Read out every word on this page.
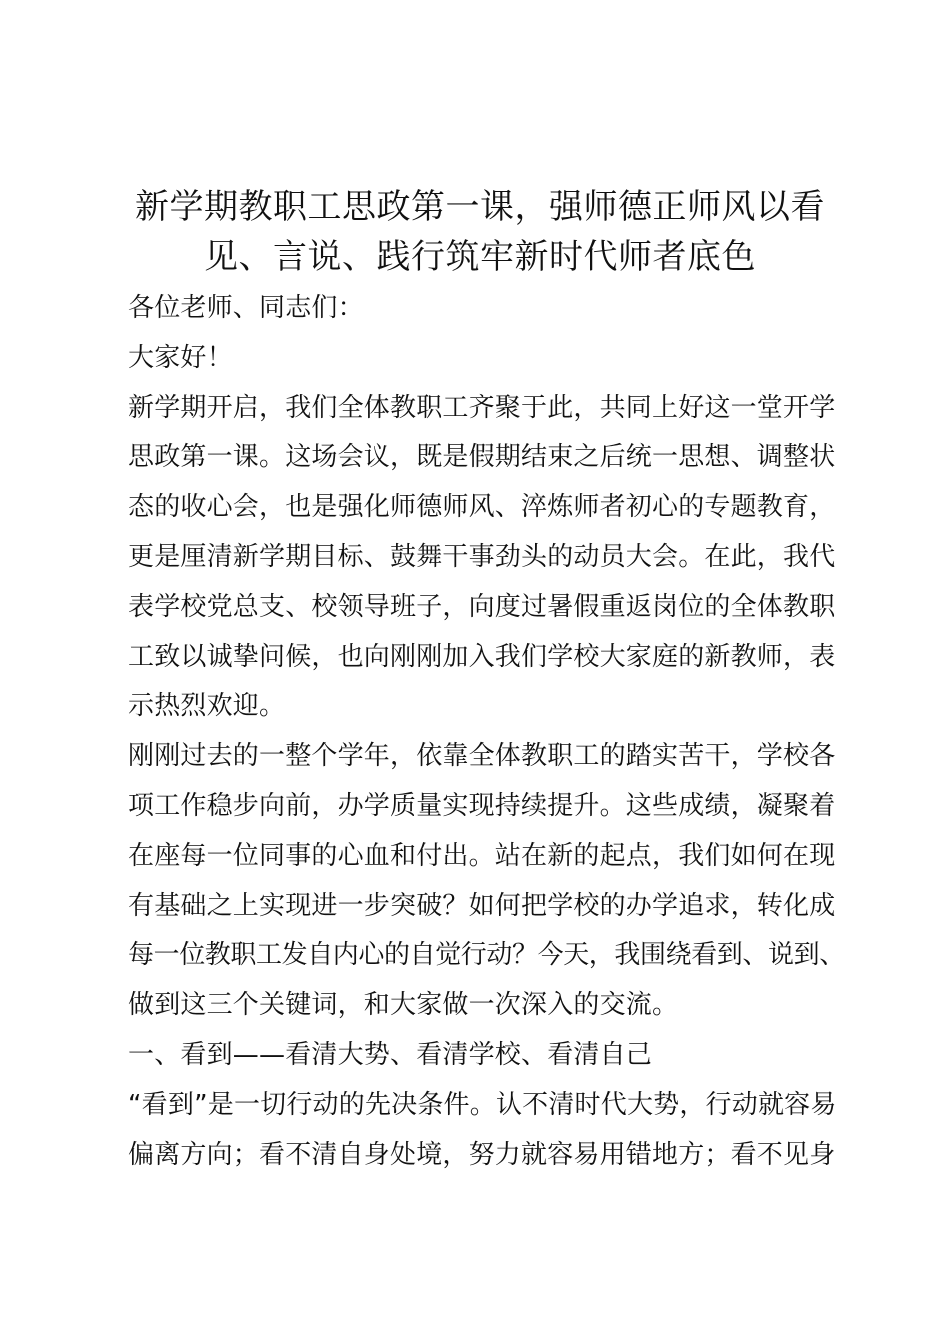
新学期教职工思政第一课，强师德正师风以看
见、言说、践行筑牢新时代师者底色
各位老师、同志们：
大家好！
新学期开启，我们全体教职工齐聚于此，共同上好这一堂开学
思政第一课。这场会议，既是假期结束之后统一思想、调整状
态的收心会，也是强化师德师风、淬炼师者初心的专题教育，
更是厘清新学期目标、鼓舞干事劲头的动员大会。在此，我代
表学校党总支、校领导班子，向度过暑假重返岗位的全体教职
工致以诚挚问候，也向刚刚加入我们学校大家庭的新教师，表
示热烈欢迎。
刚刚过去的一整个学年，依靠全体教职工的踏实苦干，学校各
项工作稳步向前，办学质量实现持续提升。这些成绩，凝聚着
在座每一位同事的心血和付出。站在新的起点，我们如何在现
有基础之上实现进一步突破？如何把学校的办学追求，转化成
每一位教职工发自内心的自觉行动？今天，我围绕看到、说到、
做到这三个关键词，和大家做一次深入的交流。
一、看到——看清大势、看清学校、看清自己
“看到”是一切行动的先决条件。认不清时代大势，行动就容易
偏离方向；看不清自身处境，努力就容易用错地方；看不见身
